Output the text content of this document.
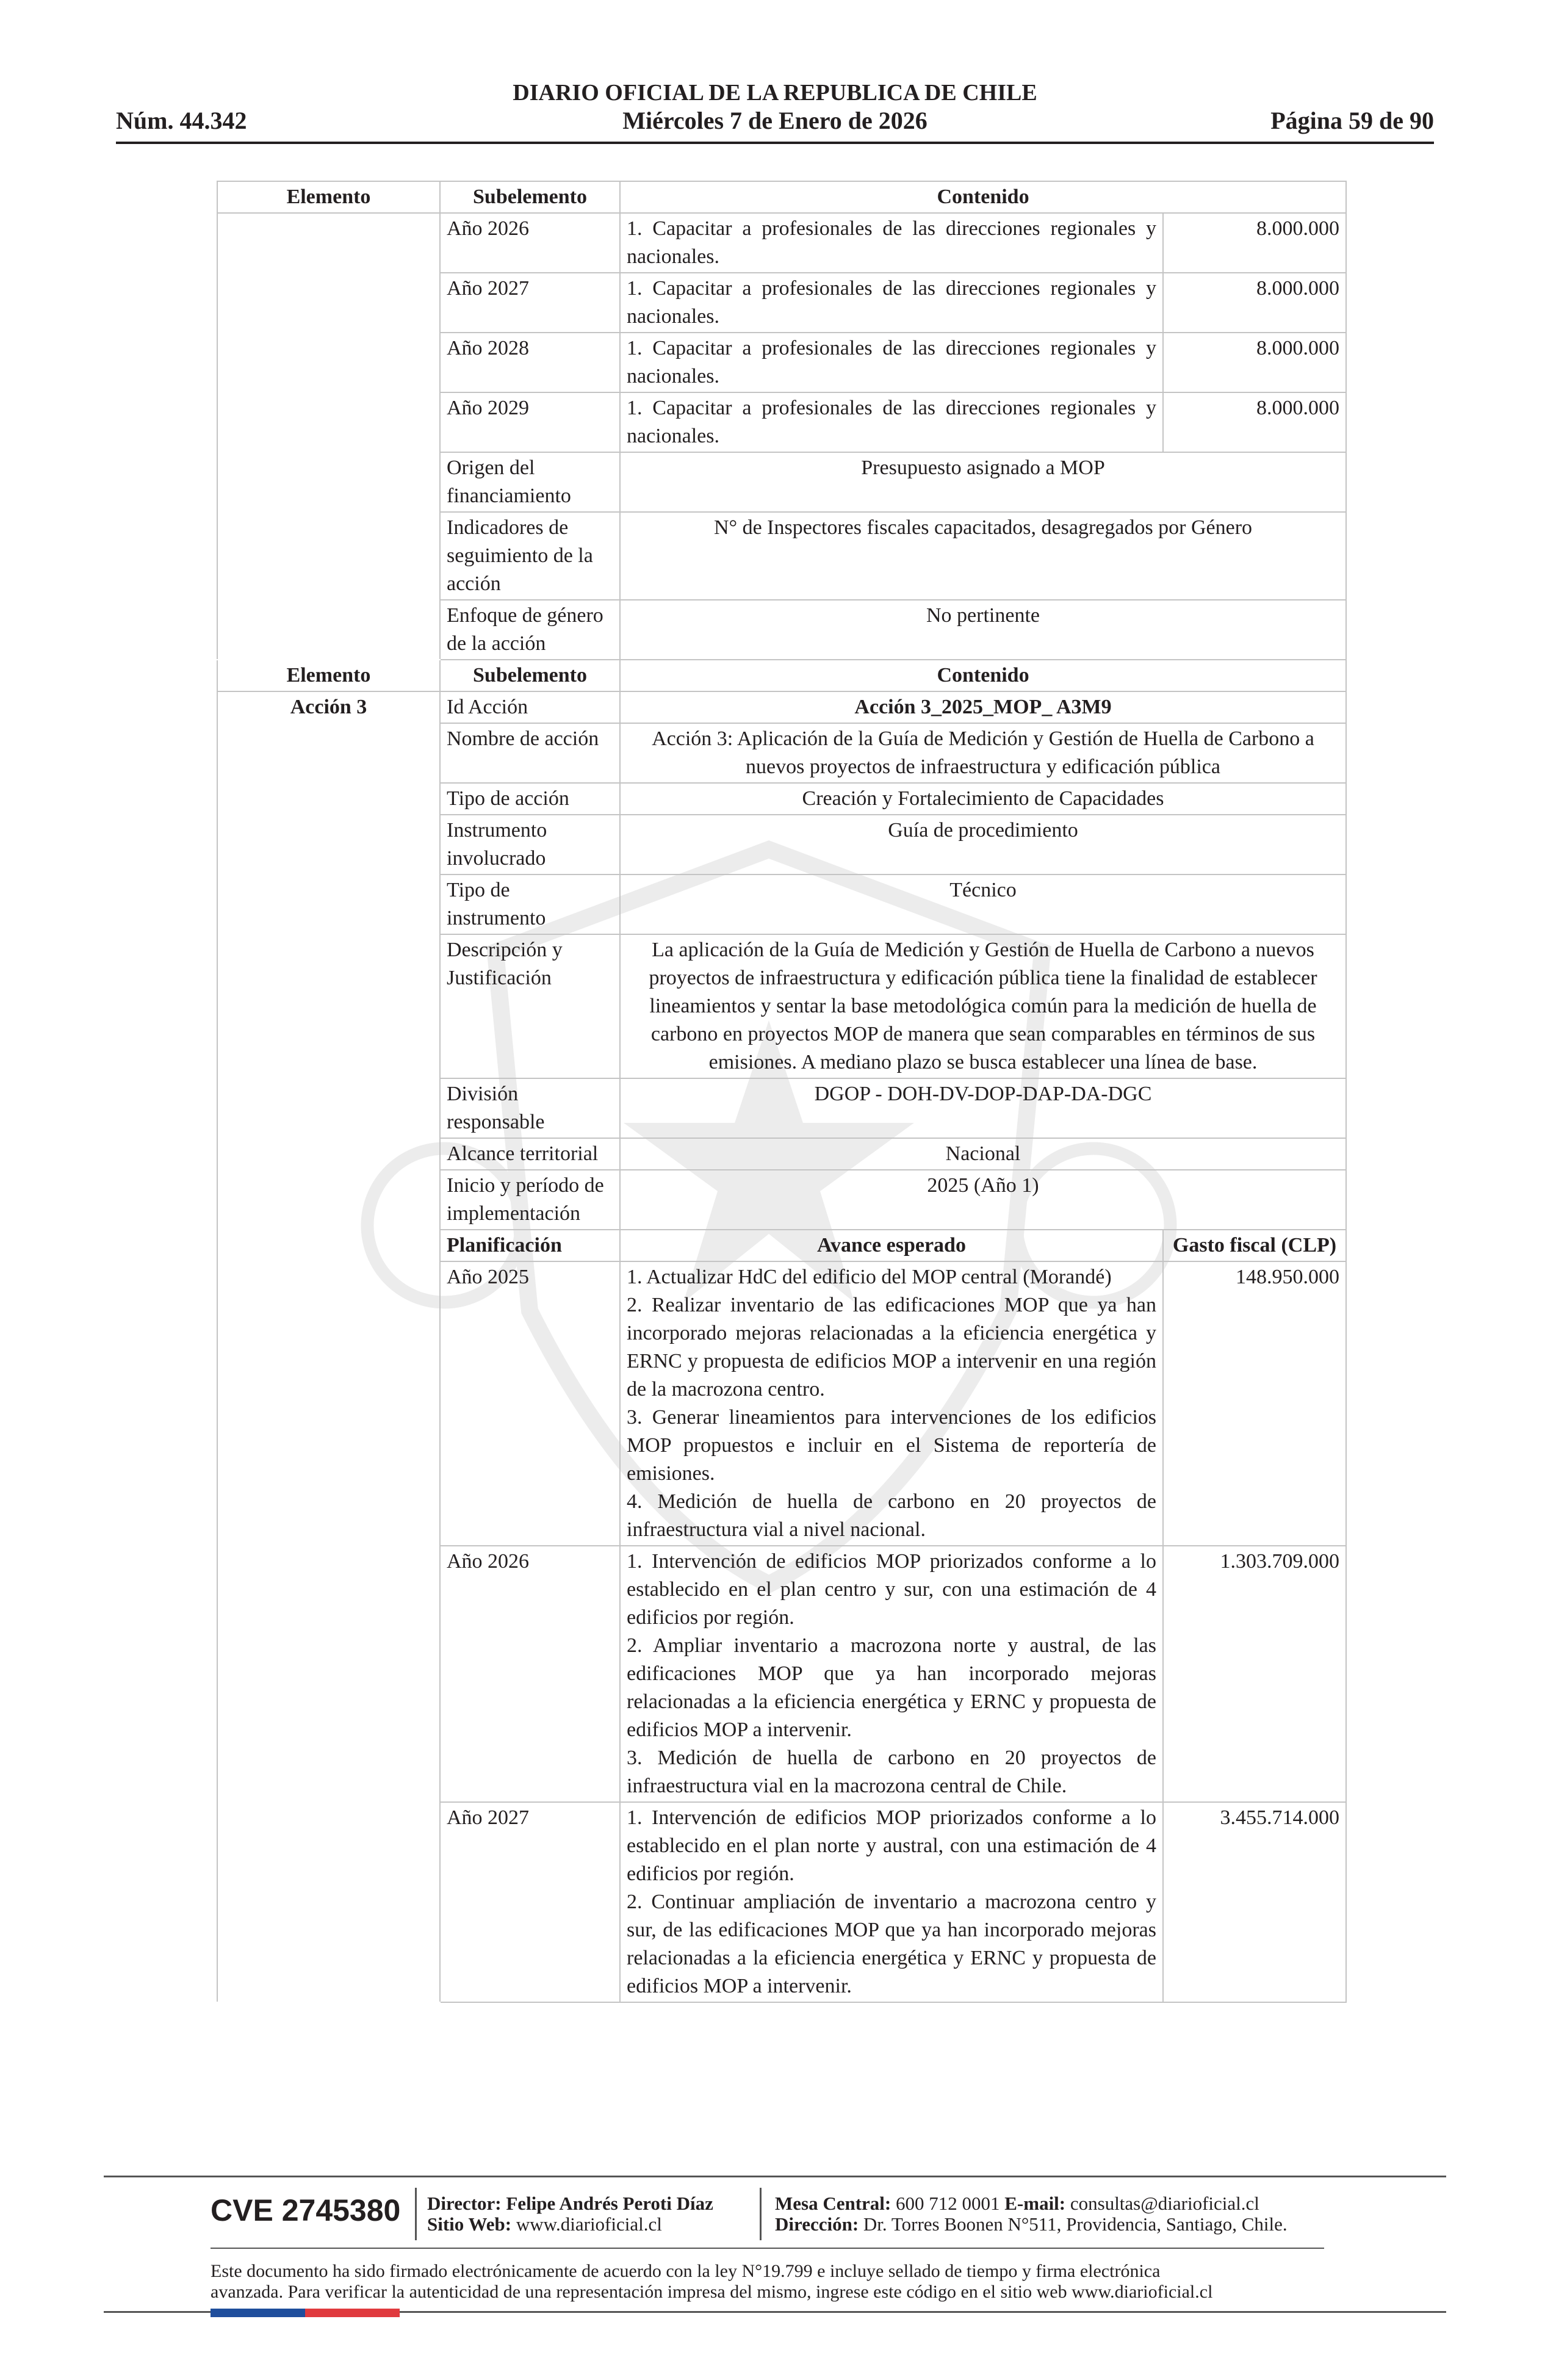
DIARIO OFICIAL DE LA REPUBLICA DE CHILE
Núm. 44.342	Miércoles 7 de Enero de 2026	Página 59 de 90
Elemento	Subelemento	Contenido	
	Año 2026	1. Capacitar a profesionales de las direcciones regionales y nacionales.	8.000.000
	Año 2027	1. Capacitar a profesionales de las direcciones regionales y nacionales.	8.000.000
	Año 2028	1. Capacitar a profesionales de las direcciones regionales y nacionales.	8.000.000
	Año 2029	1. Capacitar a profesionales de las direcciones regionales y nacionales.	8.000.000
	Origen del financiamiento	Presupuesto asignado a MOP	
	Indicadores de seguimiento de la acción	N° de Inspectores fiscales capacitados, desagregados por Género	
	Enfoque de género de la acción	No pertinente	
Elemento	Subelemento	Contenido	
Acción 3	Id Acción	Acción 3_2025_MOP_ A3M9	
	Nombre de acción	Acción 3: Aplicación de la Guía de Medición y Gestión de Huella de Carbono a nuevos proyectos de infraestructura y edificación pública	
	Tipo de acción	Creación y Fortalecimiento de Capacidades	
	Instrumento involucrado	Guía de procedimiento	
	Tipo de instrumento	Técnico	
	Descripción y Justificación	La aplicación de la Guía de Medición y Gestión de Huella de Carbono a nuevos proyectos de infraestructura y edificación pública tiene la finalidad de establecer lineamientos y sentar la base metodológica común para la medición de huella de carbono en proyectos MOP de manera que sean comparables en términos de sus emisiones. A mediano plazo se busca establecer una línea de base.	
	División responsable	DGOP - DOH-DV-DOP-DAP-DA-DGC	
	Alcance territorial	Nacional	
	Inicio y período de implementación	2025 (Año 1)	
	Planificación	Avance esperado	Gasto fiscal (CLP)
	Año 2025	1. Actualizar HdC del edificio del MOP central (Morandé)
2. Realizar inventario de las edificaciones MOP que ya han incorporado mejoras relacionadas a la eficiencia energética y ERNC y propuesta de edificios MOP a intervenir en una región de la macrozona centro.
3. Generar lineamientos para intervenciones de los edificios MOP propuestos e incluir en el Sistema de reportería de emisiones.
4. Medición de huella de carbono en 20 proyectos de infraestructura vial a nivel nacional.	148.950.000
	Año 2026	1. Intervención de edificios MOP priorizados conforme a lo establecido en el plan centro y sur, con una estimación de 4 edificios por región.
2. Ampliar inventario a macrozona norte y austral, de las edificaciones MOP que ya han incorporado mejoras relacionadas a la eficiencia energética y ERNC y propuesta de edificios MOP a intervenir.
3. Medición de huella de carbono en 20 proyectos de infraestructura vial en la macrozona central de Chile.	1.303.709.000
	Año 2027	1. Intervención de edificios MOP priorizados conforme a lo establecido en el plan norte y austral, con una estimación de 4 edificios por región.
2. Continuar ampliación de inventario a macrozona centro y sur, de las edificaciones MOP que ya han incorporado mejoras relacionadas a la eficiencia energética y ERNC y propuesta de edificios MOP a intervenir.	3.455.714.000
CVE 2745380 Director: Felipe Andrés Peroti Díaz
Sitio Web: www.diarioficial.cl
Mesa Central: 600 712 0001 E-mail: consultas@diarioficial.cl
Dirección: Dr. Torres Boonen N°511, Providencia, Santiago, Chile.
Este documento ha sido firmado electrónicamente de acuerdo con la ley N°19.799 e incluye sellado de tiempo y firma electrónica
avanzada. Para verificar la autenticidad de una representación impresa del mismo, ingrese este código en el sitio web www.diarioficial.cl
